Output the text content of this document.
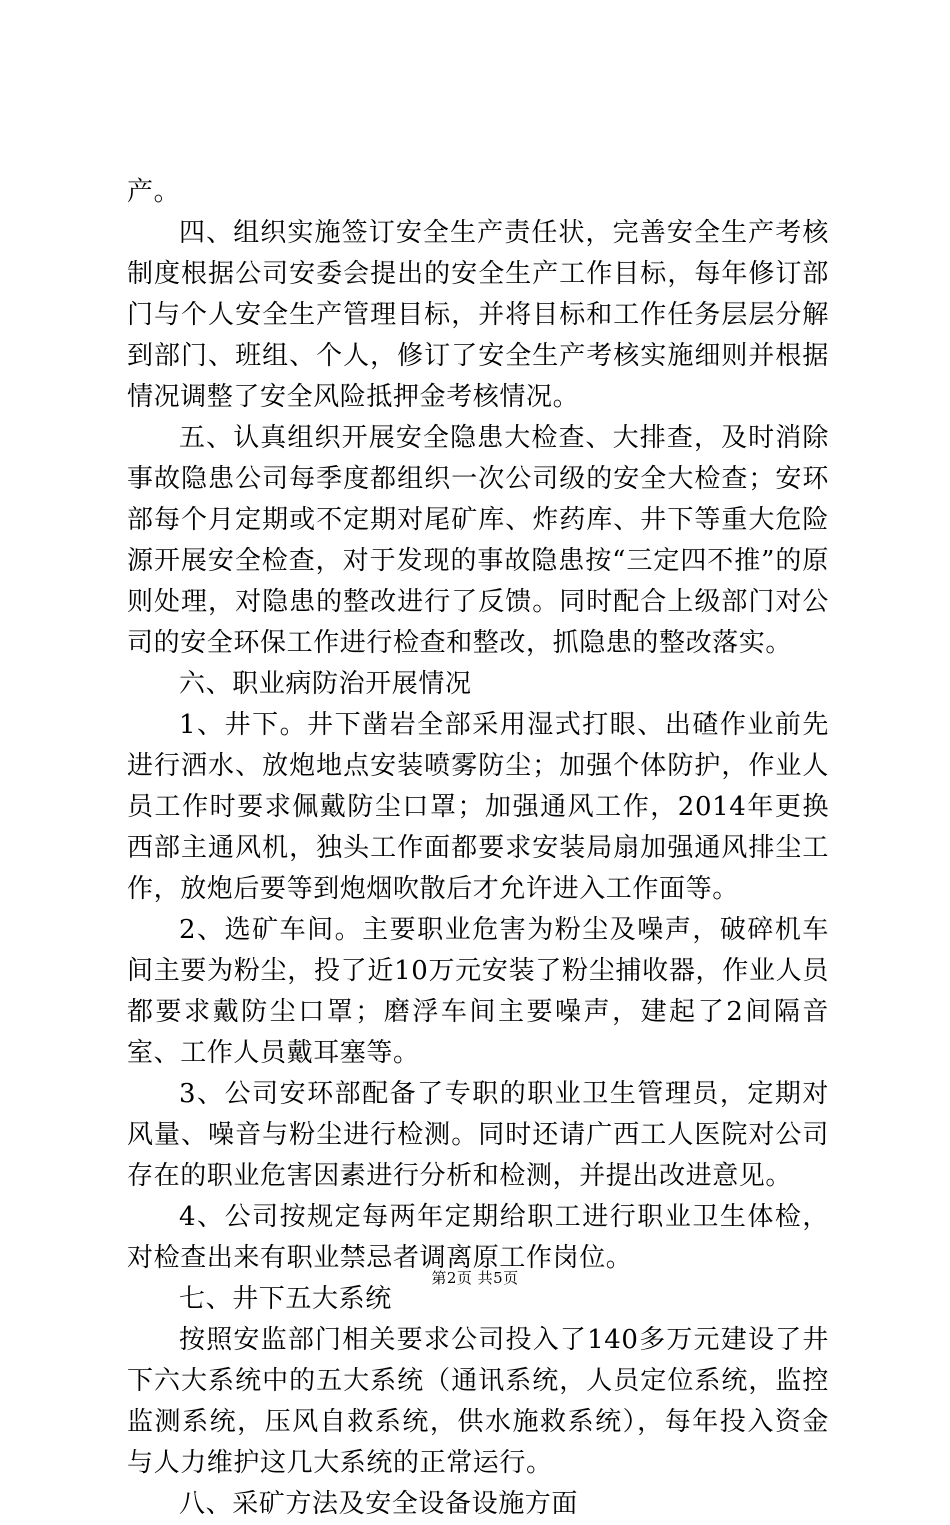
产。

四、组织实施签订安全生产责任状，完善安全生产考核制度根据公司安委会提出的安全生产工作目标，每年修订部门与个人安全生产管理目标，并将目标和工作任务层层分解到部门、班组、个人，修订了安全生产考核实施细则并根据情况调整了安全风险抵押金考核情况。

五、认真组织开展安全隐患大检查、大排查，及时消除事故隐患公司每季度都组织一次公司级的安全大检查；安环部每个月定期或不定期对尾矿库、炸药库、井下等重大危险源开展安全检查，对于发现的事故隐患按“三定四不推”的原则处理，对隐患的整改进行了反馈。同时配合上级部门对公司的安全环保工作进行检查和整改，抓隐患的整改落实。

六、职业病防治开展情况

1、井下。井下凿岩全部采用湿式打眼、出碴作业前先进行洒水、放炮地点安装喷雾防尘；加强个体防护，作业人员工作时要求佩戴防尘口罩；加强通风工作，2014年更换西部主通风机，独头工作面都要求安装局扇加强通风排尘工作，放炮后要等到炮烟吹散后才允许进入工作面等。

2、选矿车间。主要职业危害为粉尘及噪声，破碎机车间主要为粉尘，投了近10万元安装了粉尘捕收器，作业人员都要求戴防尘口罩；磨浮车间主要噪声，建起了2间隔音室、工作人员戴耳塞等。

3、公司安环部配备了专职的职业卫生管理员，定期对风量、噪音与粉尘进行检测。同时还请广西工人医院对公司存在的职业危害因素进行分析和检测，并提出改进意见。

4、公司按规定每两年定期给职工进行职业卫生体检，对检查出来有职业禁忌者调离原工作岗位。

七、井下五大系统

按照安监部门相关要求公司投入了140多万元建设了井下六大系统中的五大系统（通讯系统，人员定位系统，监控监测系统，压风自救系统，供水施救系统），每年投入资金与人力维护这几大系统的正常运行。

八、采矿方法及安全设备设施方面

第2页 共5页
